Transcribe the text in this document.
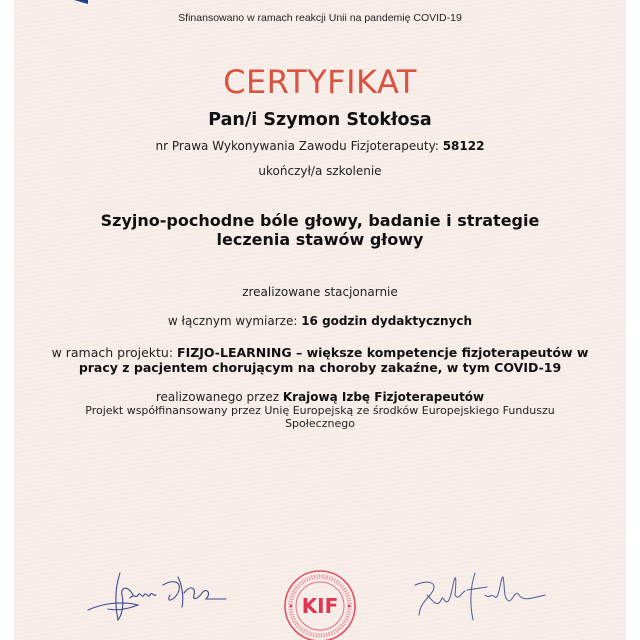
Sfinansowano w ramach reakcji Unii na pandemię COVID-19
CERTYFIKAT
Pan/i Szymon Stokłosa
nr Prawa Wykonywania Zawodu Fizjoterapeuty: 58122
ukończył/a szkolenie
Szyjno-pochodne bóle głowy, badanie i strategie
leczenia stawów głowy
zrealizowane stacjonarnie
w łącznym wymiarze: 16 godzin dydaktycznych
w ramach projektu: FIZJO-LEARNING – większe kompetencje fizjoterapeutów w
pracy z pacjentem chorującym na choroby zakaźne, w tym COVID-19
realizowanego przez Krajową Izbę Fizjoterapeutów
Projekt współfinansowany przez Unię Europejską ze środków Europejskiego Funduszu
Społecznego
KIF
